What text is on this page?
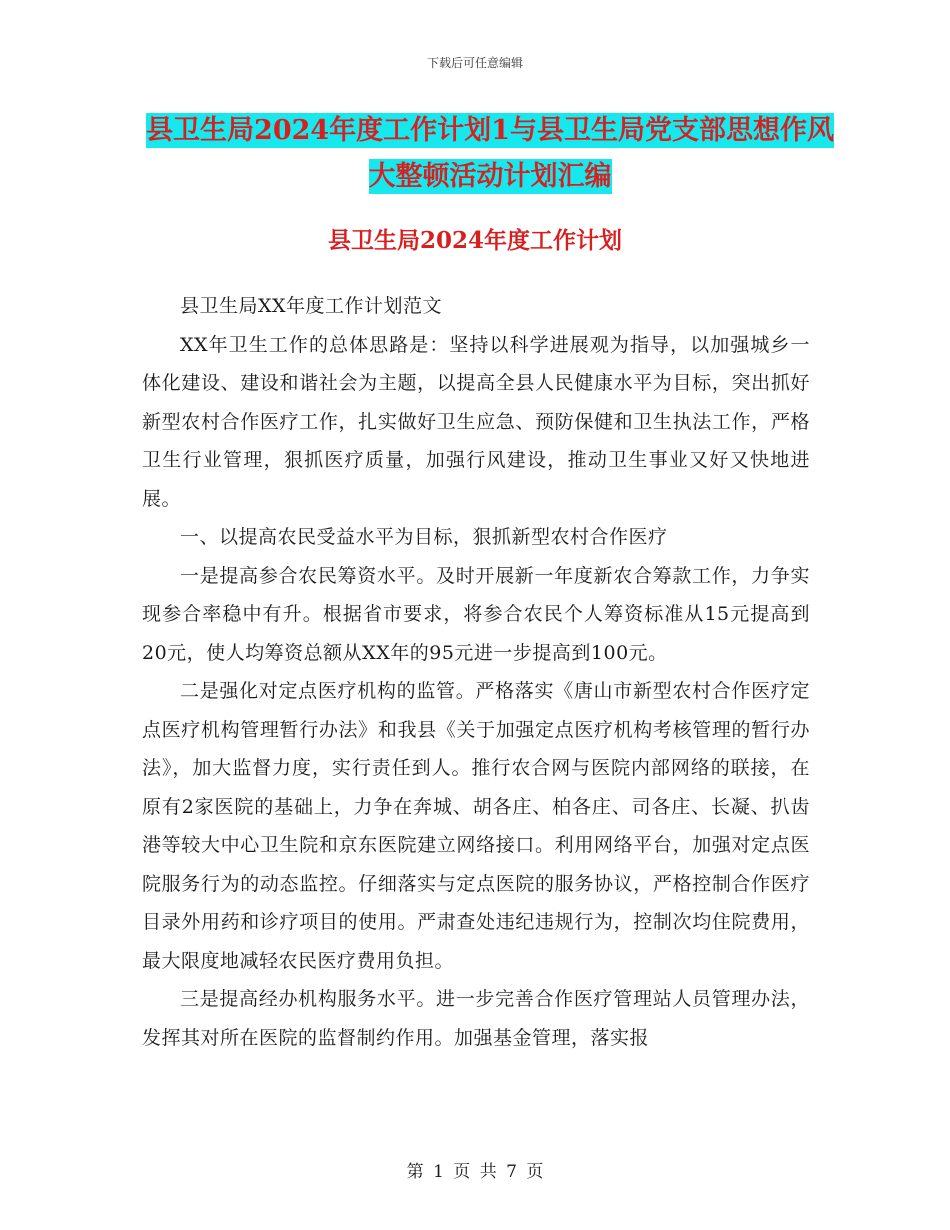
下载后可任意编辑
县卫生局2024年度工作计划1与县卫生局党支部思想作风大整顿活动计划汇编
县卫生局2024年度工作计划

县卫生局XX年度工作计划范文

XX年卫生工作的总体思路是：坚持以科学进展观为指导，以加强城乡一体化建设、建设和谐社会为主题，以提高全县人民健康水平为目标，突出抓好新型农村合作医疗工作，扎实做好卫生应急、预防保健和卫生执法工作，严格卫生行业管理，狠抓医疗质量，加强行风建设，推动卫生事业又好又快地进展。

一、以提高农民受益水平为目标，狠抓新型农村合作医疗

一是提高参合农民筹资水平。及时开展新一年度新农合筹款工作，力争实现参合率稳中有升。根据省市要求，将参合农民个人筹资标准从15元提高到20元，使人均筹资总额从XX年的95元进一步提高到100元。

二是强化对定点医疗机构的监管。严格落实《唐山市新型农村合作医疗定点医疗机构管理暂行办法》和我县《关于加强定点医疗机构考核管理的暂行办法》，加大监督力度，实行责任到人。推行农合网与医院内部网络的联接，在原有2家医院的基础上，力争在奔城、胡各庄、柏各庄、司各庄、长凝、扒齿港等较大中心卫生院和京东医院建立网络接口。利用网络平台，加强对定点医院服务行为的动态监控。仔细落实与定点医院的服务协议，严格控制合作医疗目录外用药和诊疗项目的使用。严肃查处违纪违规行为，控制次均住院费用，最大限度地减轻农民医疗费用负担。

三是提高经办机构服务水平。进一步完善合作医疗管理站人员管理办法，发挥其对所在医院的监督制约作用。加强基金管理，落实报

第 1 页 共 7 页
